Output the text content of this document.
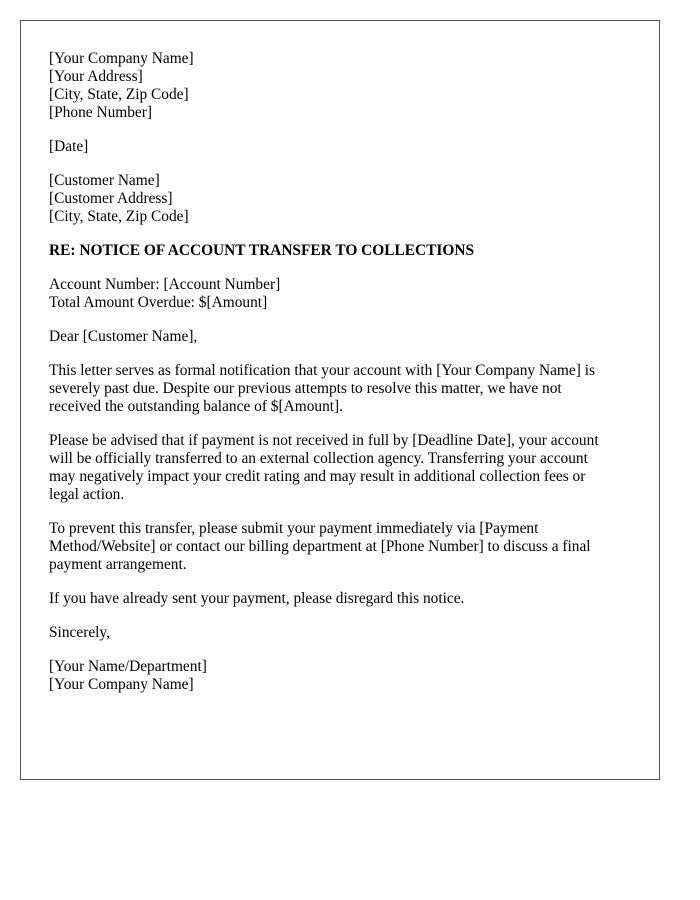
[Your Company Name]
[Your Address]
[City, State, Zip Code]
[Phone Number]
[Date]
[Customer Name]
[Customer Address]
[City, State, Zip Code]
RE: NOTICE OF ACCOUNT TRANSFER TO COLLECTIONS
Account Number: [Account Number]
Total Amount Overdue: $[Amount]
Dear [Customer Name],
This letter serves as formal notification that your account with [Your Company Name] is
severely past due. Despite our previous attempts to resolve this matter, we have not
received the outstanding balance of $[Amount].
Please be advised that if payment is not received in full by [Deadline Date], your account
will be officially transferred to an external collection agency. Transferring your account
may negatively impact your credit rating and may result in additional collection fees or
legal action.
To prevent this transfer, please submit your payment immediately via [Payment
Method/Website] or contact our billing department at [Phone Number] to discuss a final
payment arrangement.
If you have already sent your payment, please disregard this notice.
Sincerely,
[Your Name/Department]
[Your Company Name]
